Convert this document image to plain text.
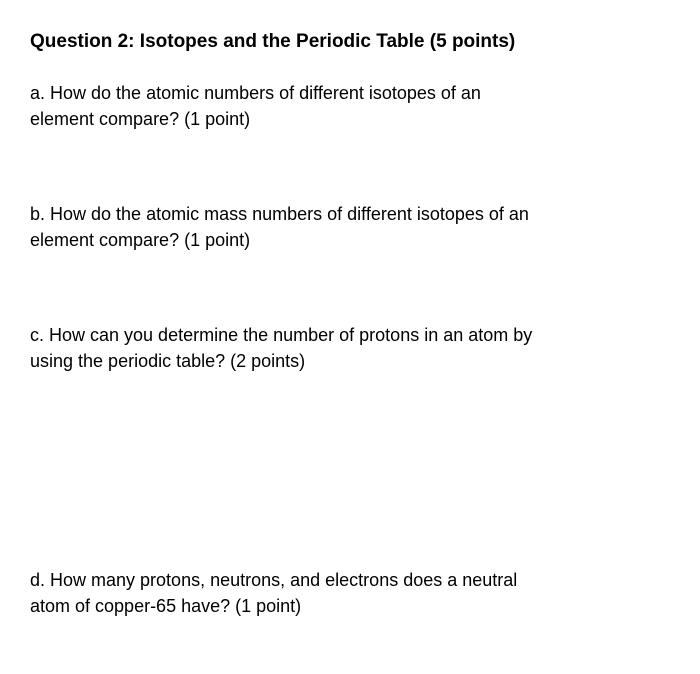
Question 2: Isotopes and the Periodic Table (5 points)
a. How do the atomic numbers of different isotopes of an
element compare? (1 point)
b. How do the atomic mass numbers of different isotopes of an
element compare? (1 point)
c. How can you determine the number of protons in an atom by
using the periodic table? (2 points)
d. How many protons, neutrons, and electrons does a neutral
atom of copper-65 have? (1 point)
